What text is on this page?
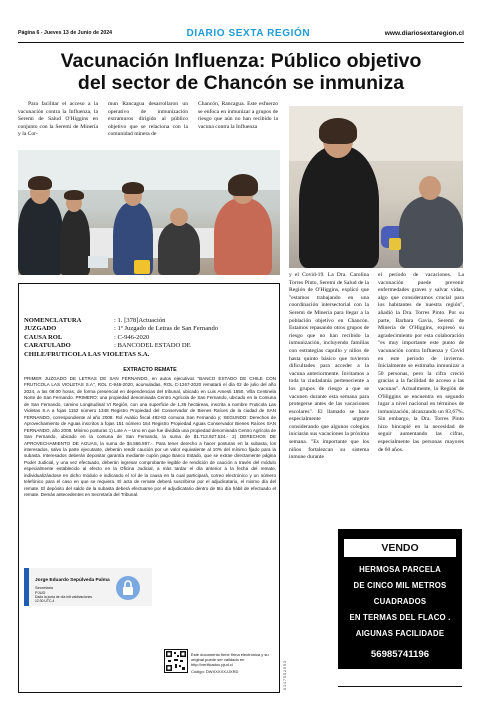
Página 6 - Jueves 13 de Junio de 2024	DIARIO SEXTA REGIÓN	www.diariosextaregion.cl
Vacunación Influenza: Público objetivo
del sector de Chancón se inmuniza
Para facilitar el acceso a la vacunación contra la Influenza, la Seremi de Salud O'Higgins en conjunto con la Seremi de Minería y la Cor-
mun Rancagua desarrollaron un operativo de inmunización extramuros dirigido al público objetivo que se relaciona con la comunidad minera de
Chancón, Rancagua. Este esfuerzo se enfoca en inmunizar a grupos de riesgo que aún no han recibido la vacuna contra la Influenza
y el Covid-19. La Dra. Carolina Torres Pinto, Seremi de Salud de la Región de O'Higgins, explicó que "estamos trabajando en una coordinación intersectorial con la Seremi de Minería para llegar a la población objetivo en Chancón. Estamos repasando otros grupos de riesgo que no han recibido la inmunización, incluyendo familias con estrategias capullo y niños de hasta quinto básico que tuvieron dificultades para acceder a la vacuna anteriormente. Invitamos a toda la ciudadanía perteneciente a los grupos de riesgo a que se vacunen durante esta semana para protegerse antes de las vacaciones escolares". El llamado se hace especialmente urgente considerando que algunos colegios iniciarán sus vacaciones la próxima semana. "Es importante que los niños fortalezcan su sistema inmune durante
el período de vacaciones. La vacunación puede prevenir enfermedades graves y salvar vidas, algo que consideramos crucial para los habitantes de nuestra región", añadió la Dra. Torres Pinto. Por su parte, Barbara Gavia, Seremi de Minería de O'Higgins, expresó su agradecimiento por esta colaboración "es muy importante este punto de vacunación contra Influenza y Covid en este período de invierno. Inicialmente se estimaba inmunizar a 50 personas, pero la cifra creció gracias a la facilidad de acceso a las vacunas". Actualmente, la Región de O'Higgins se encuentra en segundo lugar a nivel nacional en términos de inmunización, alcanzando un 83,67%. Sin embargo, la Dra. Torres Pinto hizo hincapié en la necesidad de seguir aumentando las cifras, especialmente las personas mayores de 60 años.
NOMENCLATURA	: 1. [378]Actuación
JUZGADO	: 1º Juzgado de Letras de San Fernando
CAUSA ROL	: C-946-2020
CARATULADO	: BANCODEL ESTADO DE
CHILE/FRUTICOLA LAS VIOLETAS S.A.
EXTRACTO REMATE
PRIMER JUZGADO DE LETRAS DE SAN FERNANDO, en autos ejecutivos "BANCO ESTADO DE CHILE CON FRUTICOLA LAS VIOLETAS S.A", ROL C-946-2020, acumuladas, ROL C-1267-2020 rematará el día 02 de julio del año 2024, a las 09:00 horas, de forma presencial en dependencias del tribunal, ubicado en Luis Amesti 1550, Villa Centinela Norte de San Fernando. PRIMERO: una propiedad denominada Centro Agrícola de San Fernando, ubicado en la Comuna de San Fernando, camino Longitudinal VI Región, con una superficie de 1,36 hectáreas, inscrita a nombre Fruticola Las Violetas S.A a fojas 1152 número 1348 Registro Propiedad del Conservador de Bienes Raíces de la ciudad de SAN FERNANDO, correspondiente al año 2008. Rol Avalúo fiscal 482-82 comuna San Fernando y; SEGUNDO: Derechos de Aprovechamiento de Aguas inscritos a fojas 151 número 164 Registro Propiedad Aguas Conservador Bienes Raíces SAN FERNANDO, año 2008. Mínimo posturas 1) Lote A – Uno en que fue dividida una propiedad denominada Centro Agrícola de San Fernando, ubicado en la comuna de San Fernando, la suma de $1.713.927.524.- 2) DERECHOS DE APROVECHAMIENTO DE AGUAS, la suma de $4.566.597.-. Para tener derecho a hacer posturas en la subasta, los interesados, salvo la parte ejecutante, deberán rendir caución por un valor equivalente al 10% del mínimo fijado para la subasta. Interesados deberán depositar garantía mediante cupón pago Banco Estado, que se extrae directamente página Poder Judicial, y una vez efectuado, deberán ingresar comprobante legible de rendición de caución a través del módulo especialmente establecido al efecto en la Oficina Judicial, a más tardar el día anterior a la fecha del remate, individualizándose en dicho módulo e indicando el rol de la causa en la cual participará, correo electrónico y un número telefónico para el caso en que se requiera. El acta de remate deberá suscribirse por el adjudicatario, el mismo día del remate. El depósito del saldo de la subasta deberá efectuarse por el adjudicatario dentro de 5to día hábil de efectuado el remate. Demás antecedentes en Secretaría del Tribunal.
Jorge Eduardo Sepúlveda Palma
Secretario
PJUD
Dado la junta de día intt valdivaciones
12:30 UTC-4
Este documento tiene firma electrónica y su original puede ser validado en http://verificadoc.pjud.cl
Código: DWXXXXXJJXRD	0 1 4 7 5 5 2 0 5 3
VENDO
HERMOSA PARCELA
DE CINCO MIL METROS
CUADRADOS
EN TERMAS DEL FLACO .
AIGUNAS FACILIDADE
56985741196
